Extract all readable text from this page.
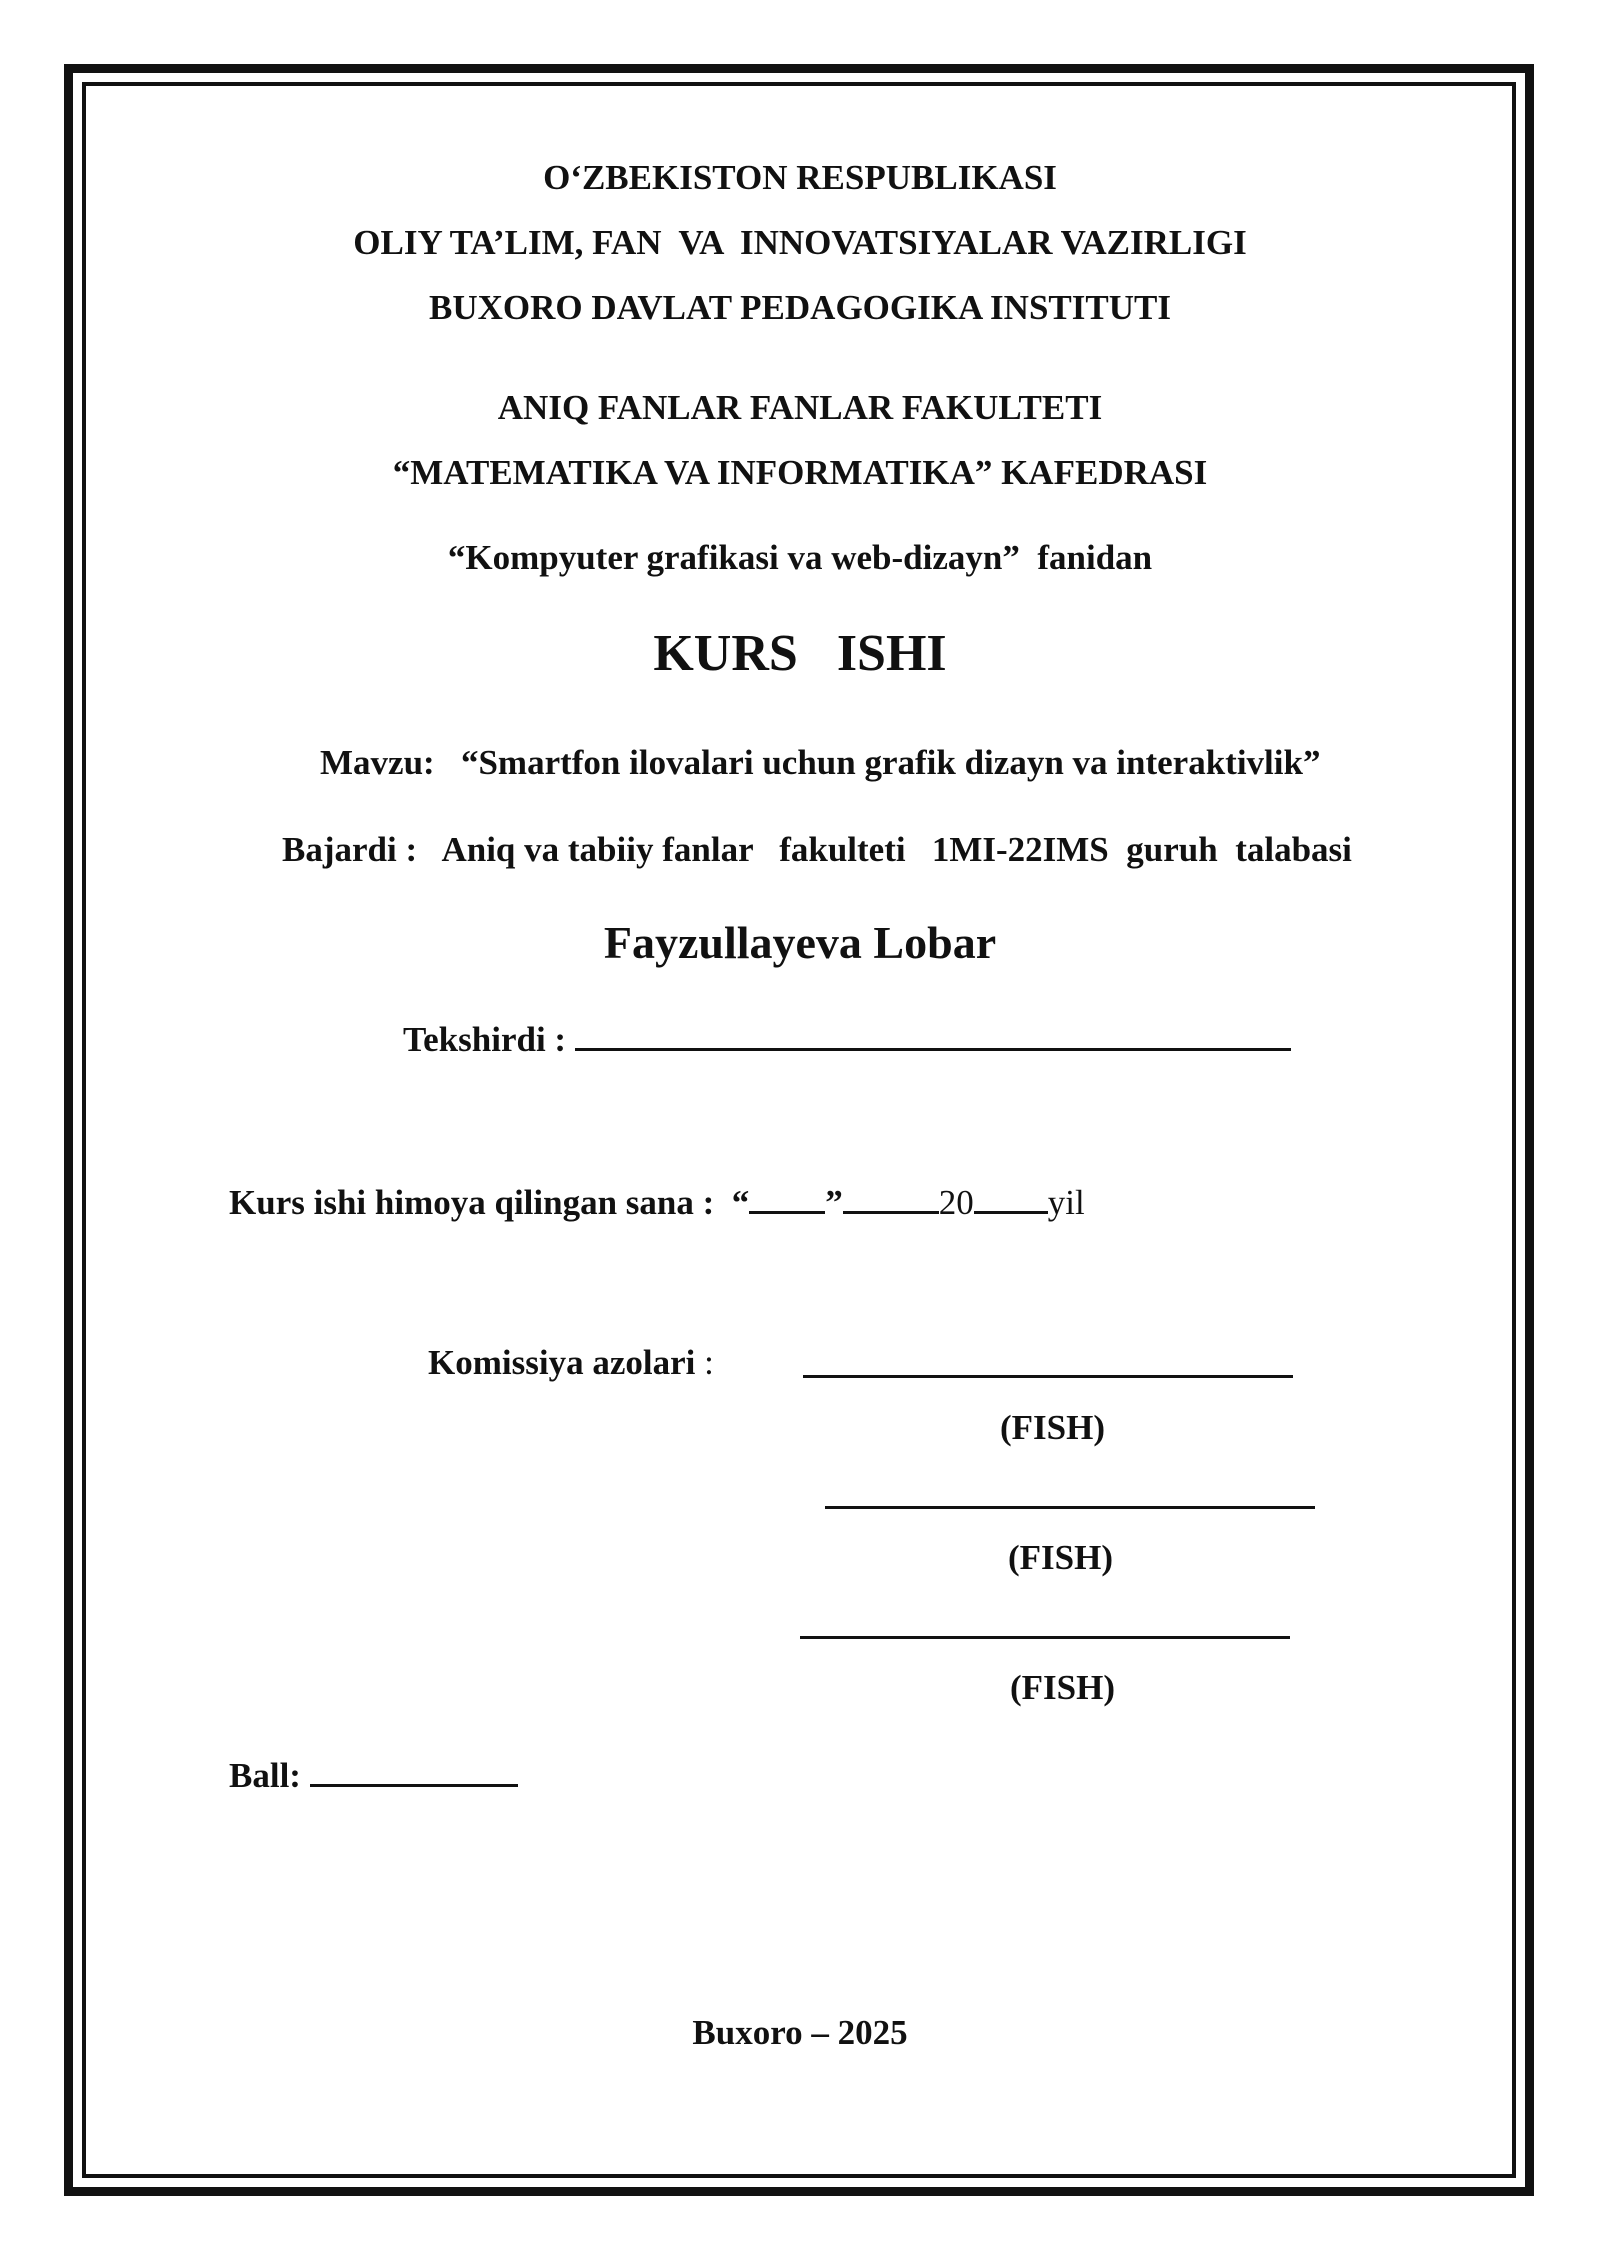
O‘ZBEKISTON RESPUBLIKASI
OLIY TA’LIM, FAN  VA  INNOVATSIYALAR VAZIRLIGI
BUXORO DAVLAT PEDAGOGIKA INSTITUTI
ANIQ FANLAR FANLAR FAKULTETI
“MATEMATIKA VA INFORMATIKA” KAFEDRASI
“Kompyuter grafikasi va web-dizayn”  fanidan
KURS   ISHI
Mavzu: “Smartfon ilovalari uchun grafik dizayn va interaktivlik”
Bajardi : Aniq va tabiiy fanlar   fakulteti   1MI-22IMS  guruh  talabasi
Fayzullayeva Lobar
Tekshirdi :
Kurs ishi himoya qilingan sana : “ ”	20 yil
Komissiya azolari :
(FISH)
(FISH)
(FISH)
Ball:
Buxoro – 2025
